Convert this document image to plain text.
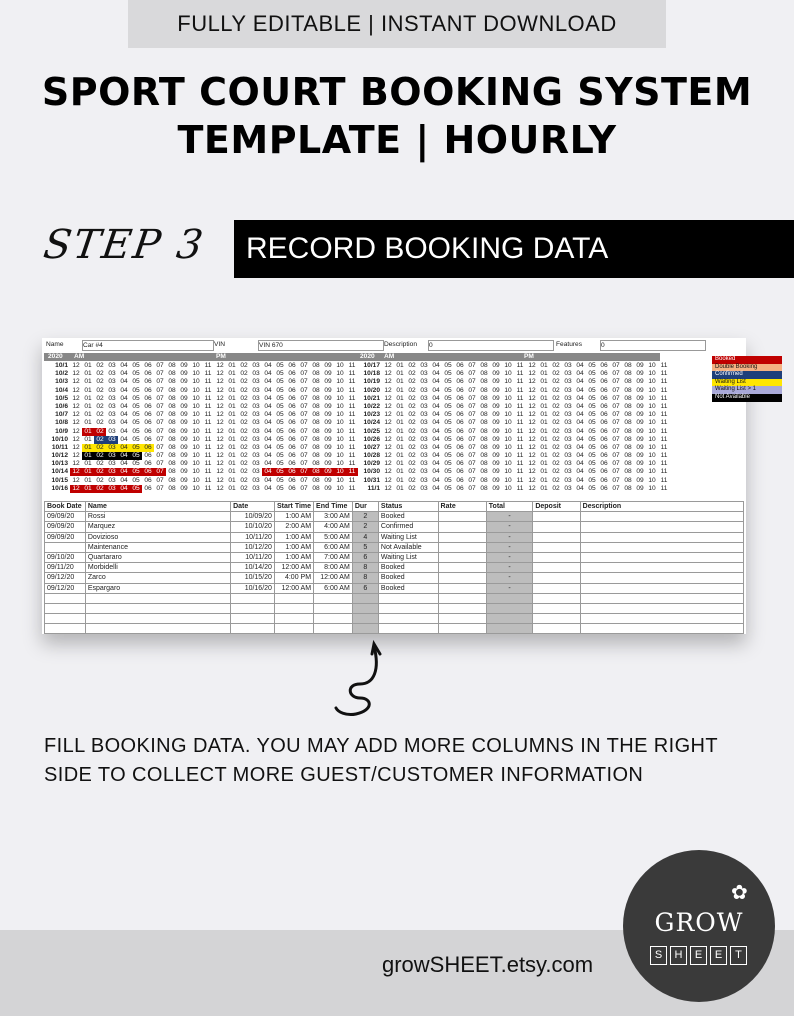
FULLY EDITABLE | INSTANT DOWNLOAD
SPORT COURT BOOKING SYSTEM
TEMPLATE | HOURLY
STEP 3 RECORD BOOKING DATA
Name	Car #4	VIN	VIN 670	Description 0	Features	0
2020 AM	PM	2020 AM	PM
10/1 12 01 02 03 04 05 06 07 08 09 10 11 12 01 02 03 04 05 06 07 08 09 10 11
10/2 12 01 02 03 04 05 06 07 08 09 10 11 12 01 02 03 04 05 06 07 08 09 10 11
10/3 12 01 02 03 04 05 06 07 08 09 10 11 12 01 02 03 04 05 06 07 08 09 10 11
10/4 12 01 02 03 04 05 06 07 08 09 10 11 12 01 02 03 04 05 06 07 08 09 10 11
10/5 12 01 02 03 04 05 06 07 08 09 10 11 12 01 02 03 04 05 06 07 08 09 10 11
10/6 12 01 02 03 04 05 06 07 08 09 10 11 12 01 02 03 04 05 06 07 08 09 10 11
10/7 12 01 02 03 04 05 06 07 08 09 10 11 12 01 02 03 04 05 06 07 08 09 10 11
10/8 12 01 02 03 04 05 06 07 08 09 10 11 12 01 02 03 04 05 06 07 08 09 10 11
10/9 12 01 02 03 04 05 06 07 08 09 10 11 12 01 02 03 04 05 06 07 08 09 10 11
10/10 12 01 02 03 04 05 06 07 08 09 10 11 12 01 02 03 04 05 06 07 08 09 10 11
10/11 12 01 02 03 04 05 06 07 08 09 10 11 12 01 02 03 04 05 06 07 08 09 10 11
10/12 12 01 02 03 04 05 06 07 08 09 10 11 12 01 02 03 04 05 06 07 08 09 10 11
10/13 12 01 02 03 04 05 06 07 08 09 10 11 12 01 02 03 04 05 06 07 08 09 10 11
10/14 12 01 02 03 04 05 06 07 08 09 10 11 12 01 02 03 04 05 06 07 08 09 10 11
10/15 12 01 02 03 04 05 06 07 08 09 10 11 12 01 02 03 04 05 06 07 08 09 10 11
10/16 12 01 02 03 04 05 06 07 08 09 10 11 12 01 02 03 04 05 06 07 08 09 10 11
10/17 12 01 02 03 04 05 06 07 08 09 10 11 12 01 02 03 04 05 06 07 08 09 10 11
10/18 12 01 02 03 04 05 06 07 08 09 10 11 12 01 02 03 04 05 06 07 08 09 10 11
10/19 12 01 02 03 04 05 06 07 08 09 10 11 12 01 02 03 04 05 06 07 08 09 10 11
10/20 12 01 02 03 04 05 06 07 08 09 10 11 12 01 02 03 04 05 06 07 08 09 10 11
10/21 12 01 02 03 04 05 06 07 08 09 10 11 12 01 02 03 04 05 06 07 08 09 10 11
10/22 12 01 02 03 04 05 06 07 08 09 10 11 12 01 02 03 04 05 06 07 08 09 10 11
10/23 12 01 02 03 04 05 06 07 08 09 10 11 12 01 02 03 04 05 06 07 08 09 10 11
10/24 12 01 02 03 04 05 06 07 08 09 10 11 12 01 02 03 04 05 06 07 08 09 10 11
10/25 12 01 02 03 04 05 06 07 08 09 10 11 12 01 02 03 04 05 06 07 08 09 10 11
10/26 12 01 02 03 04 05 06 07 08 09 10 11 12 01 02 03 04 05 06 07 08 09 10 11
10/27 12 01 02 03 04 05 06 07 08 09 10 11 12 01 02 03 04 05 06 07 08 09 10 11
10/28 12 01 02 03 04 05 06 07 08 09 10 11 12 01 02 03 04 05 06 07 08 09 10 11
10/29 12 01 02 03 04 05 06 07 08 09 10 11 12 01 02 03 04 05 06 07 08 09 10 11
10/30 12 01 02 03 04 05 06 07 08 09 10 11 12 01 02 03 04 05 06 07 08 09 10 11
10/31 12 01 02 03 04 05 06 07 08 09 10 11 12 01 02 03 04 05 06 07 08 09 10 11
11/1 12 01 02 03 04 05 06 07 08 09 10 11 12 01 02 03 04 05 06 07 08 09 10 11
Booked
Double Booking
Confirmed
Waiting List
Waiting List > 1
Not Available
Book Date	Name	Date	Start Time	End Time	Dur	Status	Rate	Total	Deposit	Description
09/09/20	Rossi	10/09/20	1:00 AM	3:00 AM	2	Booked		-		
09/09/20	Marquez	10/10/20	2:00 AM	4:00 AM	2	Confirmed		-		
09/09/20	Dovizioso	10/11/20	1:00 AM	5:00 AM	4	Waiting List		-		
	Maintenance	10/12/20	1:00 AM	6:00 AM	5	Not Available		-		
09/10/20	Quartararo	10/11/20	1:00 AM	7:00 AM	6	Waiting List		-		
09/11/20	Morbidelli	10/14/20	12:00 AM	8:00 AM	8	Booked		-		
09/12/20	Zarco	10/15/20	4:00 PM	12:00 AM	8	Booked		-		
09/12/20	Espargaro	10/16/20	12:00 AM	6:00 AM	6	Booked		-		

FILL BOOKING DATA. YOU MAY ADD MORE COLUMNS IN THE RIGHT SIDE TO COLLECT MORE GUEST/CUSTOMER INFORMATION
growSHEET.etsy.com
✿
GROW
S	H	E	E	T
